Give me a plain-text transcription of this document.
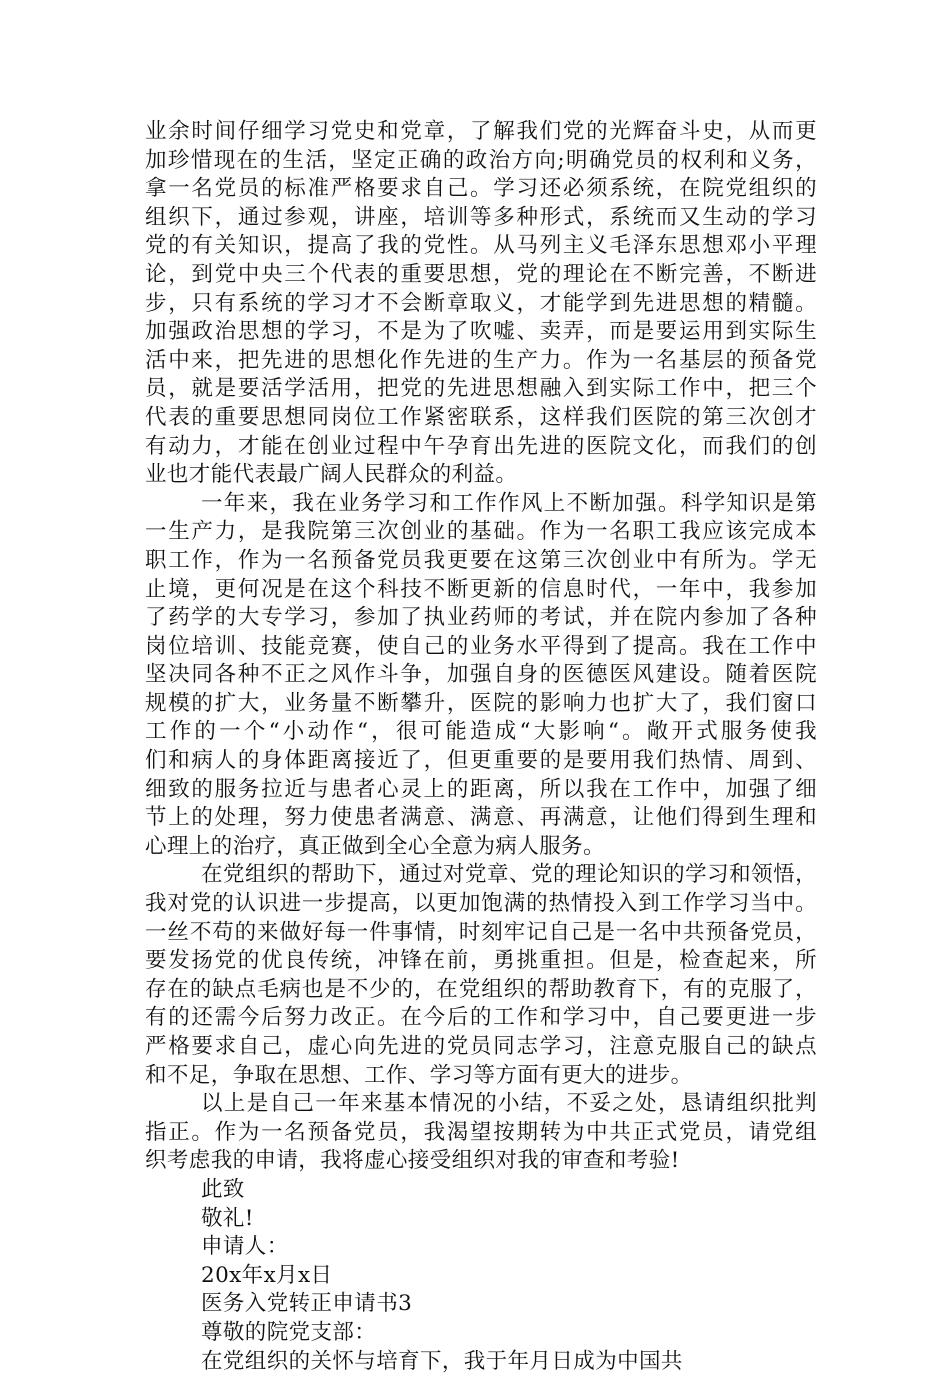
业余时间仔细学习党史和党章，了解我们党的光辉奋斗史，从而更
加珍惜现在的生活，坚定正确的政治方向;明确党员的权利和义务，
拿一名党员的标准严格要求自己。学习还必须系统，在院党组织的
组织下，通过参观，讲座，培训等多种形式，系统而又生动的学习
党的有关知识，提高了我的党性。从马列主义毛泽东思想邓小平理
论，到党中央三个代表的重要思想，党的理论在不断完善，不断进
步，只有系统的学习才不会断章取义，才能学到先进思想的精髓。
加强政治思想的学习，不是为了吹嘘、卖弄，而是要运用到实际生
活中来，把先进的思想化作先进的生产力。作为一名基层的预备党
员，就是要活学活用，把党的先进思想融入到实际工作中，把三个
代表的重要思想同岗位工作紧密联系，这样我们医院的第三次创才
有动力，才能在创业过程中午孕育出先进的医院文化，而我们的创
业也才能代表最广阔人民群众的利益。
一年来，我在业务学习和工作作风上不断加强。科学知识是第
一生产力，是我院第三次创业的基础。作为一名职工我应该完成本
职工作，作为一名预备党员我更要在这第三次创业中有所为。学无
止境，更何况是在这个科技不断更新的信息时代，一年中，我参加
了药学的大专学习，参加了执业药师的考试，并在院内参加了各种
岗位培训、技能竞赛，使自己的业务水平得到了提高。我在工作中
坚决同各种不正之风作斗争，加强自身的医德医风建设。随着医院
规模的扩大，业务量不断攀升，医院的影响力也扩大了，我们窗口
工作的一个“小动作“，很可能造成“大影响“。敞开式服务使我
们和病人的身体距离接近了，但更重要的是要用我们热情、周到、
细致的服务拉近与患者心灵上的距离，所以我在工作中，加强了细
节上的处理，努力使患者满意、满意、再满意，让他们得到生理和
心理上的治疗，真正做到全心全意为病人服务。
在党组织的帮助下，通过对党章、党的理论知识的学习和领悟，
我对党的认识进一步提高，以更加饱满的热情投入到工作学习当中。
一丝不苟的来做好每一件事情，时刻牢记自己是一名中共预备党员，
要发扬党的优良传统，冲锋在前，勇挑重担。但是，检查起来，所
存在的缺点毛病也是不少的，在党组织的帮助教育下，有的克服了，
有的还需今后努力改正。在今后的工作和学习中，自己要更进一步
严格要求自己，虚心向先进的党员同志学习，注意克服自己的缺点
和不足，争取在思想、工作、学习等方面有更大的进步。
以上是自己一年来基本情况的小结，不妥之处，恳请组织批判
指正。作为一名预备党员，我渴望按期转为中共正式党员，请党组
织考虑我的申请，我将虚心接受组织对我的审查和考验!
此致
敬礼!
申请人：
20x年x月x日
医务入党转正申请书3
尊敬的院党支部：
在党组织的关怀与培育下，我于年月日成为中国共
